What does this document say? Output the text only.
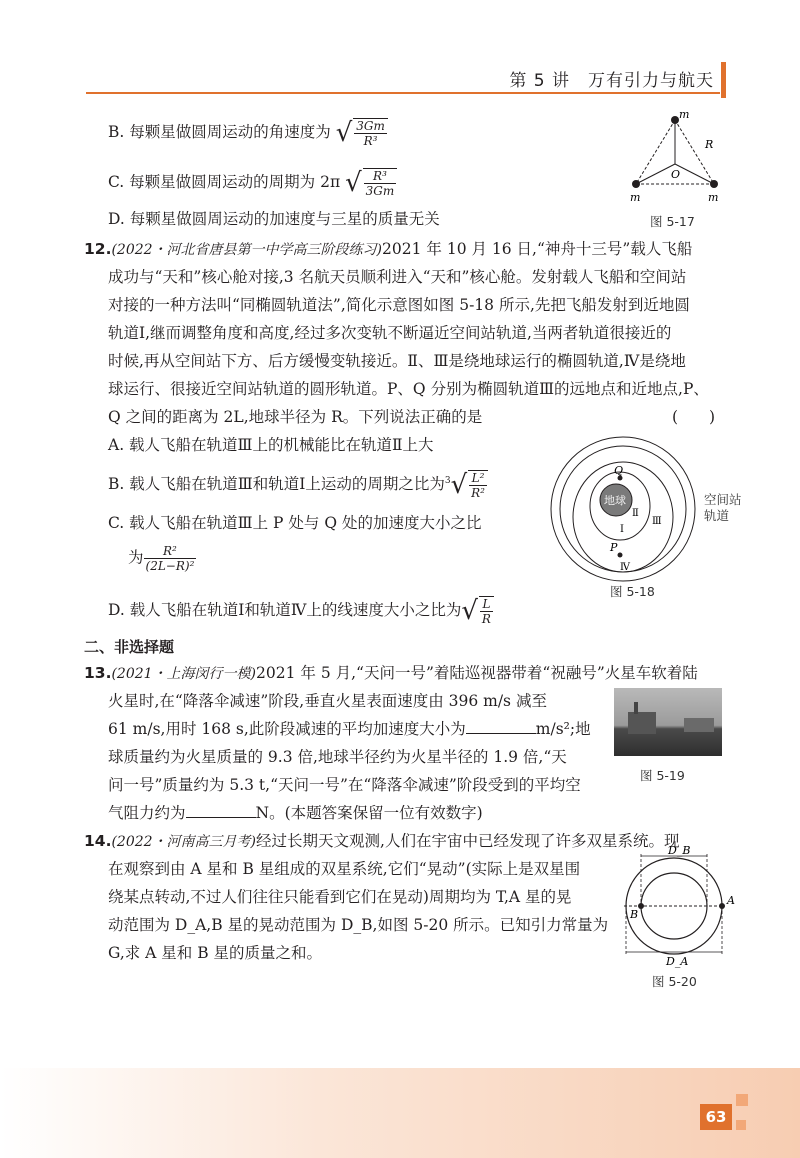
第 5 讲　万有引力与航天
B. 每颗星做圆周运动的角速度为 √ $\frac{3Gm}{\text{R³}}$
C. 每颗星做圆周运动的周期为 2π √ $\frac{\text{R³}}{3Gm}$
D. 每颗星做圆周运动的加速度与三星的质量无关
m
m	m
R
O
图 5-17
12.(2022・河北省唐县第一中学高三阶段练习)2021 年 10 月 16 日,“神舟十三号”载人飞船
成功与“天和”核心舱对接,3 名航天员顺利进入“天和”核心舱。发射载人飞船和空间站
对接的一种方法叫“同椭圆轨道法”,简化示意图如图 5-18 所示,先把飞船发射到近地圆
轨道Ⅰ,继而调整角度和高度,经过多次变轨不断逼近空间站轨道,当两者轨道很接近的
时候,再从空间站下方、后方缓慢变轨接近。Ⅱ、Ⅲ是绕地球运行的椭圆轨道,Ⅳ是绕地
球运行、很接近空间站轨道的圆形轨道。P、Q 分别为椭圆轨道Ⅲ的远地点和近地点,P、
Q 之间的距离为 2L,地球半径为 R。下列说法正确的是	(　　)
A. 载人飞船在轨道Ⅲ上的机械能比在轨道Ⅱ上大
B. 载人飞船在轨道Ⅲ和轨道Ⅰ上运动的周期之比为$^3√ \frac{\text{L²}}{\text{R²}}$
C. 载人飞船在轨道Ⅲ上 P 处与 Q 处的加速度大小之比
为 $\frac{\text{R²}}{\text{(2L−R)²}}$
D. 载人飞船在轨道Ⅰ和轨道Ⅳ上的线速度大小之比为√ $\frac{L}{R}$
地球
Q
P
Ⅰ
Ⅱ
Ⅲ
Ⅳ
空间站
轨道
图 5-18
二、非选择题
13.(2021・上海闵行一模)2021 年 5 月,“天问一号”着陆巡视器带着“祝融号”火星车软着陆
火星时,在“降落伞减速”阶段,垂直火星表面速度由 396 m/s 减至
61 m/s,用时 168 s,此阶段减速的平均加速度大小为	m/s²;地
球质量约为火星质量的 9.3 倍,地球半径约为火星半径的 1.9 倍,“天
问一号”质量约为 5.3 t,“天问一号”在“降落伞减速”阶段受到的平均空
气阻力约为	N。(本题答案保留一位有效数字)
图 5-19
14.(2022・河南高三月考)经过长期天文观测,人们在宇宙中已经发现了许多双星系统。现
在观察到由 A 星和 B 星组成的双星系统,它们“晃动”(实际上是双星围
绕某点转动,不过人们往往只能看到它们在晃动)周期均为 T,A 星的晃
动范围为 D_A,B 星的晃动范围为 D_B,如图 5-20 所示。已知引力常量为
G,求 A 星和 B 星的质量之和。
D_B
D_A
A
B
图 5-20
63
